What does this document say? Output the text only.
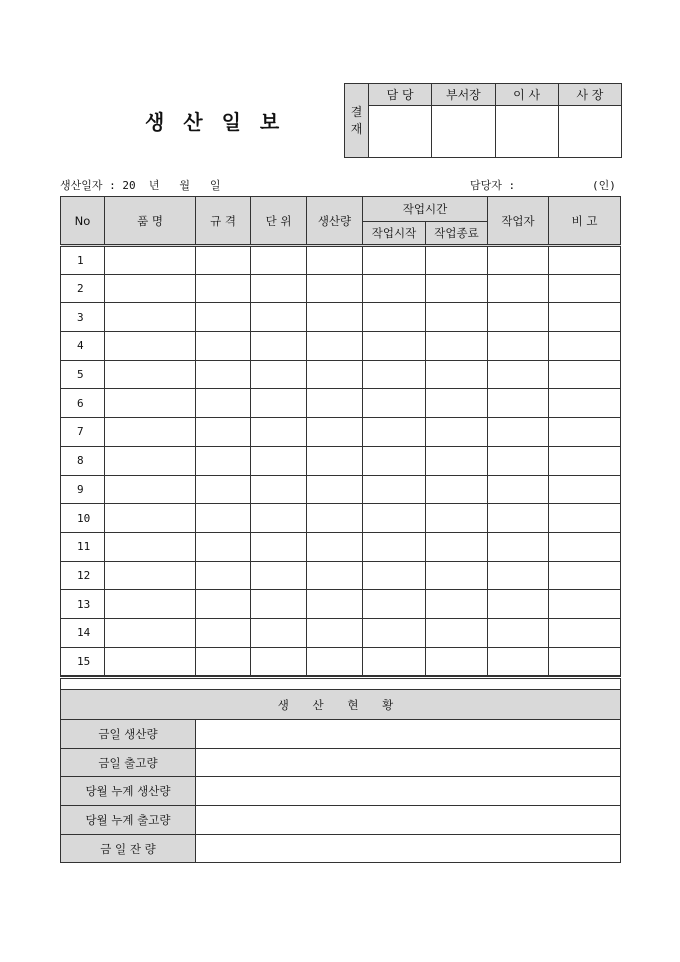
생 산 일 보	결
재	담 당	부서장	이 사	사 장

생산일자 : 20  년   월   일	담당자 :	(인)
No	품 명	규 격	단 위	생산량	작업시간		작업자	비 고
					작업시작	작업종료		
1								
2								
3								
4								
5								
6								
7								
8								
9								
10								
11								
12								
13								
14								
15								

생 산 현 황	
금일 생산량	
금일 출고량	
당월 누계 생산량	
당월 누계 출고량	
금 일 잔 량	
